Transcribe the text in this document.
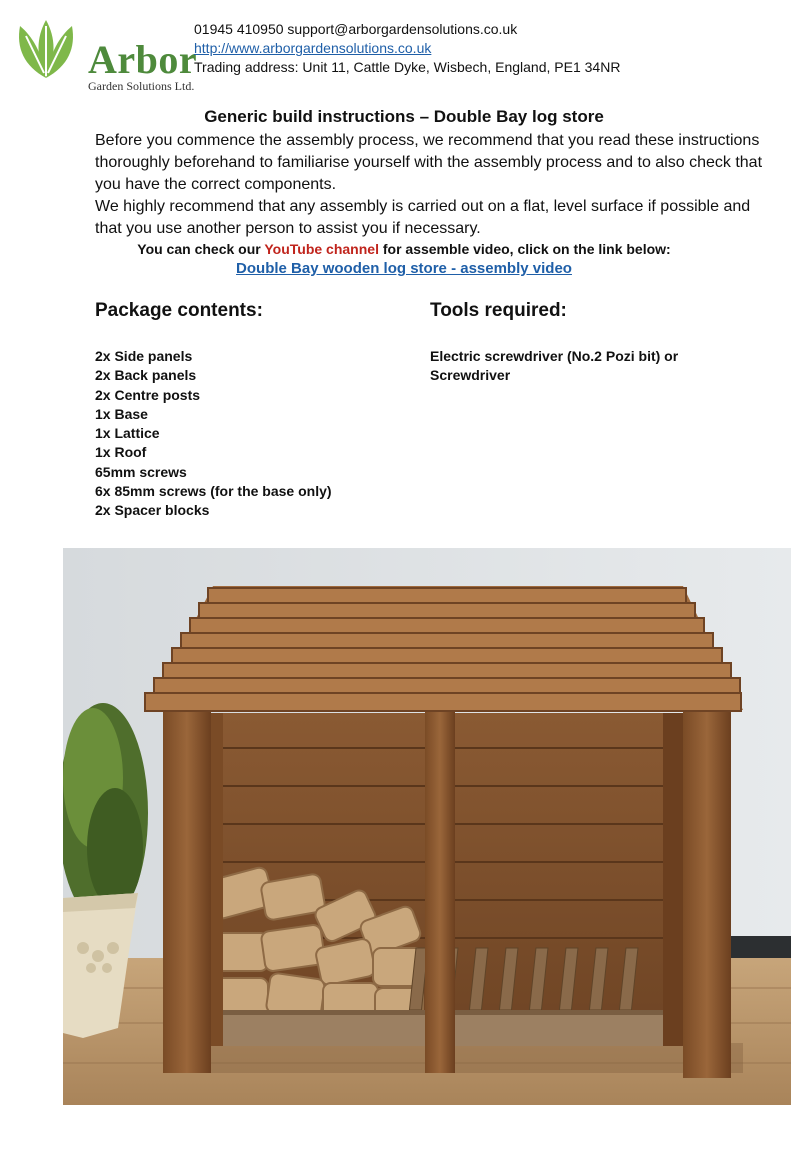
Arbor
Garden Solutions Ltd.
01945 410950 support@arborgardensolutions.co.uk
http://www.arborgardensolutions.co.uk
Trading address: Unit 11, Cattle Dyke, Wisbech, England, PE1 34NR
Generic build instructions – Double Bay log store

Before you commence the assembly process, we recommend that you read these instructions thoroughly beforehand to familiarise yourself with the assembly process and to also check that you have the correct components.

We highly recommend that any assembly is carried out on a flat, level surface if possible and that you use another person to assist you if necessary.

You can check our YouTube channel for assemble video, click on the link below:
Double Bay wooden log store - assembly video
Package contents:	Tools required:
2x Side panels
2x Back panels
2x Centre posts
1x Base
1x Lattice
1x Roof
65mm screws
6x 85mm screws (for the base only)
2x Spacer blocks
Electric screwdriver (No.2 Pozi bit) or Screwdriver
